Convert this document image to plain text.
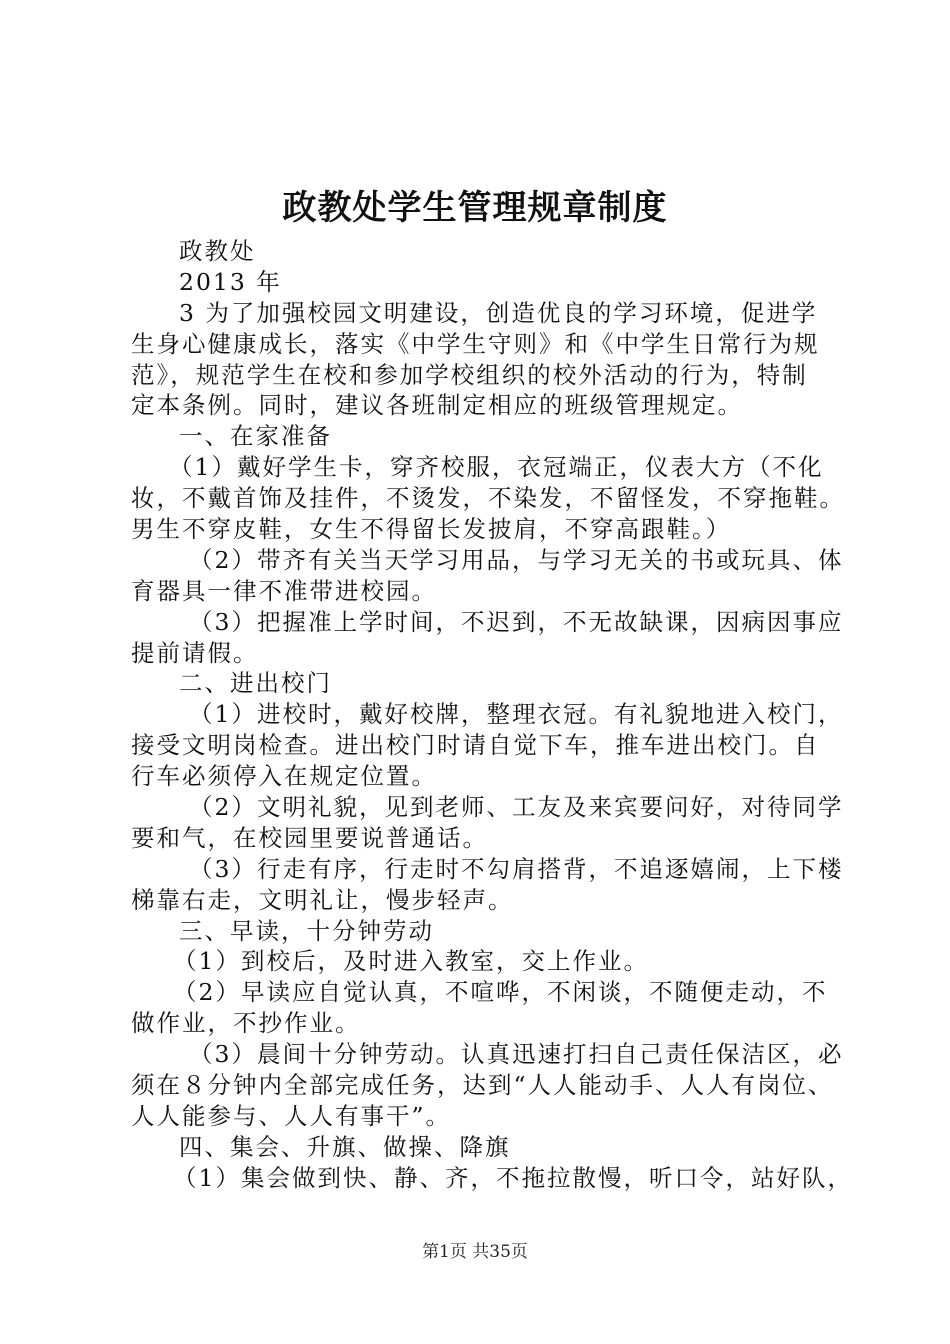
政教处学生管理规章制度
政教处
2013 年
3 为了加强校园文明建设，创造优良的学习环境，促进学
生身心健康成长，落实《中学生守则》和《中学生日常行为规
范》，规范学生在校和参加学校组织的校外活动的行为，特制
定本条例。同时，建议各班制定相应的班级管理规定。
一、在家准备
（1）戴好学生卡，穿齐校服，衣冠端正，仪表大方（不化
妆，不戴首饰及挂件，不烫发，不染发，不留怪发，不穿拖鞋。
男生不穿皮鞋，女生不得留长发披肩，不穿高跟鞋。）
（2）带齐有关当天学习用品，与学习无关的书或玩具、体
育器具一律不准带进校园。
（3）把握准上学时间，不迟到，不无故缺课，因病因事应
提前请假。
二、进出校门
（1）进校时，戴好校牌，整理衣冠。有礼貌地进入校门，
接受文明岗检查。进出校门时请自觉下车，推车进出校门。自
行车必须停入在规定位置。
（2）文明礼貌，见到老师、工友及来宾要问好，对待同学
要和气，在校园里要说普通话。
（3）行走有序，行走时不勾肩搭背，不追逐嬉闹，上下楼
梯靠右走，文明礼让，慢步轻声。
三、早读，十分钟劳动
（1）到校后，及时进入教室，交上作业。
（2）早读应自觉认真，不喧哗，不闲谈，不随便走动，不
做作业，不抄作业。
（3）晨间十分钟劳动。认真迅速打扫自己责任保洁区，必
须在８分钟内全部完成任务，达到“人人能动手、人人有岗位、
人人能参与、人人有事干”。
四、集会、升旗、做操、降旗
（1）集会做到快、静、齐，不拖拉散慢，听口令，站好队，
第1页 共35页
